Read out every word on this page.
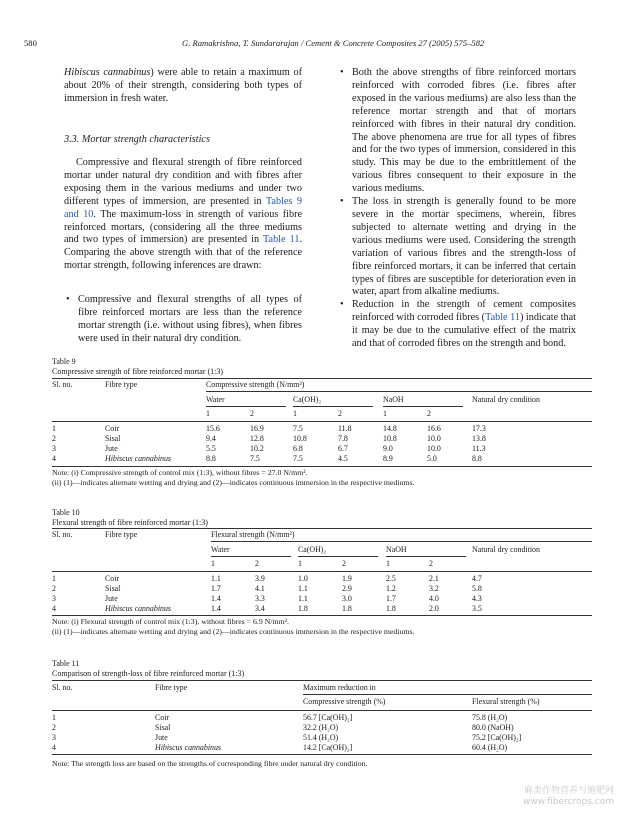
580	G. Ramakrishna, T. Sundararajan / Cement & Concrete Composites 27 (2005) 575–582

Hibiscus cannabinus) were able to retain a maximum of about 20% of their strength, considering both types of immersion in fresh water.

3.3. Mortar strength characteristics

Compressive and flexural strength of fibre reinforced mortar under natural dry condition and with fibres after exposing them in the various mediums and under two different types of immersion, are presented in Tables 9 and 10. The maximum-loss in strength of various fibre reinforced mortars, (considering all the three mediums and two types of immersion) are presented in Table 11. Comparing the above strength with that of the reference mortar strength, following inferences are drawn:

• Compressive and flexural strengths of all types of fibre reinforced mortars are less than the reference mortar strength (i.e. without using fibres), when fibres were used in their natural dry condition.
• Both the above strengths of fibre reinforced mortars reinforced with corroded fibres (i.e. fibres after exposed in the various mediums) are also less than the reference mortar strength and that of mortars reinforced with fibres in their natural dry condition. The above phenomena are true for all types of fibres and for the two types of immersion, considered in this study. This may be due to the embrittlement of the various fibres consequent to their exposure in the various mediums.
• The loss in strength is generally found to be more severe in the mortar specimens, wherein, fibres subjected to alternate wetting and drying in the various mediums were used. Considering the strength variation of various fibres and the strength-loss of fibre reinforced mortars, it can be inferred that certain types of fibres are susceptible for deterioration even in water, apart from alkaline mediums.
• Reduction in the strength of cement composites reinforced with corroded fibres (Table 11) indicate that it may be due to the cumulative effect of the matrix and that of corroded fibres on the strength and bond.
Table 9
Compressive strength of fibre reinforced mortar (1:3)
Sl. no.	Fibre type	Compressive strength (N/mm²)
Water	Ca(OH)₂	NaOH	Natural dry condition
1	2	1	2	1	2
1	Coir	15.6	16.9	7.5	11.8	14.8	16.6	17.3
2	Sisal	9.4	12.8	10.8	7.8	10.8	10.0	13.8
3	Jute	5.5	10.2	6.8	6.7	9.0	10.0	11.3
4	Hibiscus cannabinus	8.8	7.5	7.5	4.5	8.9	5.0	8.8
Note: (i) Compressive strength of control mix (1:3), without fibres = 27.0 N/mm².
(ii) (1)—indicates alternate wetting and drying and (2)—indicates continuous immersion in the respective mediums.
Table 10
Flexural strength of fibre reinforced mortar (1:3)
Sl. no.	Fibre type	Flexural strength (N/mm²)
Water	Ca(OH)₂	NaOH	Natural dry condition
1	2	1	2	1	2
1	Coir	1.1	3.9	1.0	1.9	2.5	2.1	4.7
2	Sisal	1.7	4.1	1.1	2.9	1.2	3.2	5.8
3	Jute	1.4	3.3	1.1	3.0	1.7	4.0	4.3
4	Hibiscus cannabinus	1.4	3.4	1.8	1.8	1.8	2.0	3.5
Note: (i) Flexural strength of control mix (1:3), without fibres = 6.9 N/mm².
(ii) (1)—indicates alternate wetting and drying and (2)—indicates continuous immersion in the respective mediums.
Table 11
Comparison of strength-loss of fibre reinforced mortar (1:3)
Sl. no.	Fibre type	Maximum reduction in
Compressive strength (%)	Flexural strength (%)
1	Coir	56.7 [Ca(OH)₂]	75.8 (H₂O)
2	Sisal	32.2 (H₂O)	80.0 (NaOH)
3	Jute	51.4 (H₂O)	75.2 [Ca(OH)₂]
4	Hibiscus cannabinus	14.2 [Ca(OH)₂]	60.4 (H₂O)
Note: The strength loss are based on the strengths of corresponding fibre under natural dry condition.
麻类作物营养与施肥网
www.fibercrops.com
